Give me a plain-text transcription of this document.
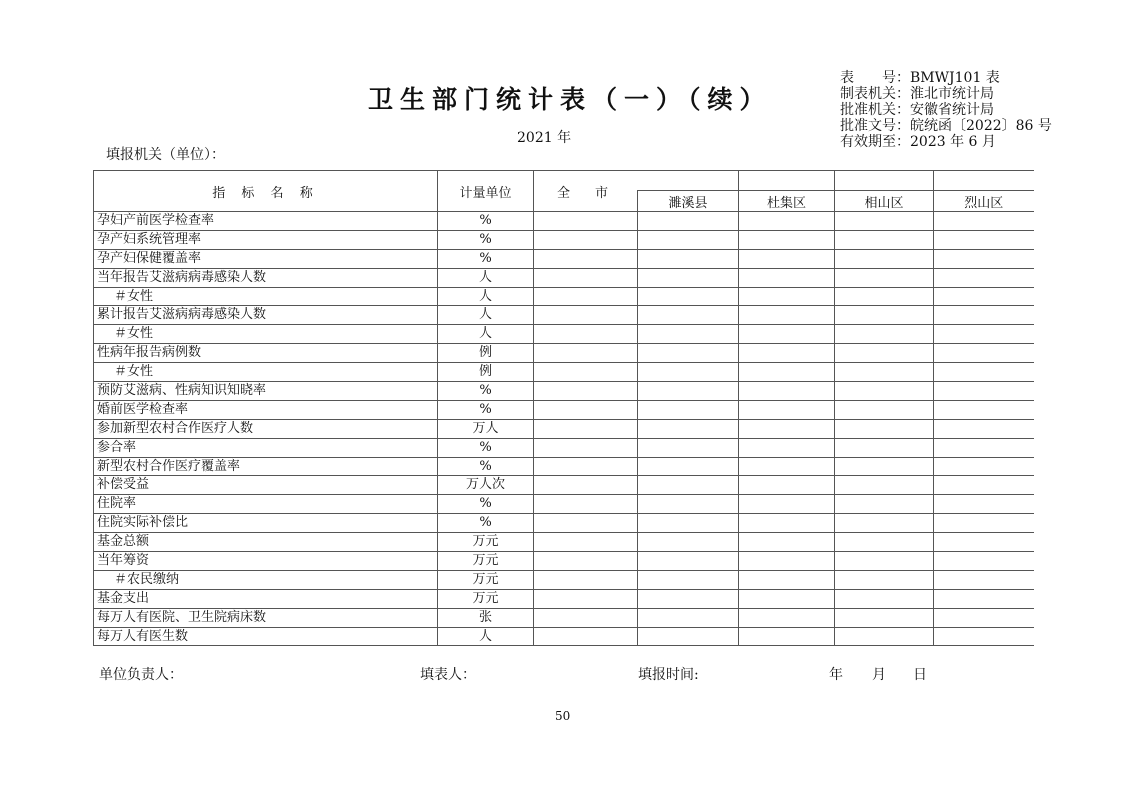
卫生部门统计表（一）（续）
2021 年
填报机关（单位）：
表　　号：BMWJ101 表
制表机关：淮北市统计局
批准机关：安徽省统计局
批准文号：皖统函〔2022〕86 号
有效期至：2023 年 6 月
指 标 名 称	计量单位	全　市				
			濉溪县	杜集区	相山区	烈山区
孕妇产前医学检查率	%					
孕产妇系统管理率	%					
孕产妇保健覆盖率	%					
当年报告艾滋病病毒感染人数	人					
＃女性	人					
累计报告艾滋病病毒感染人数	人					
＃女性	人					
性病年报告病例数	例					
＃女性	例					
预防艾滋病、性病知识知晓率	%					
婚前医学检查率	%					
参加新型农村合作医疗人数	万人					
参合率	%					
新型农村合作医疗覆盖率	%					
补偿受益	万人次					
住院率	%					
住院实际补偿比	%					
基金总额	万元					
当年筹资	万元					
＃农民缴纳	万元					
基金支出	万元					
每万人有医院、卫生院病床数	张					
每万人有医生数	人					
单位负责人：	填表人：	填报时间:	年 月 日
50
